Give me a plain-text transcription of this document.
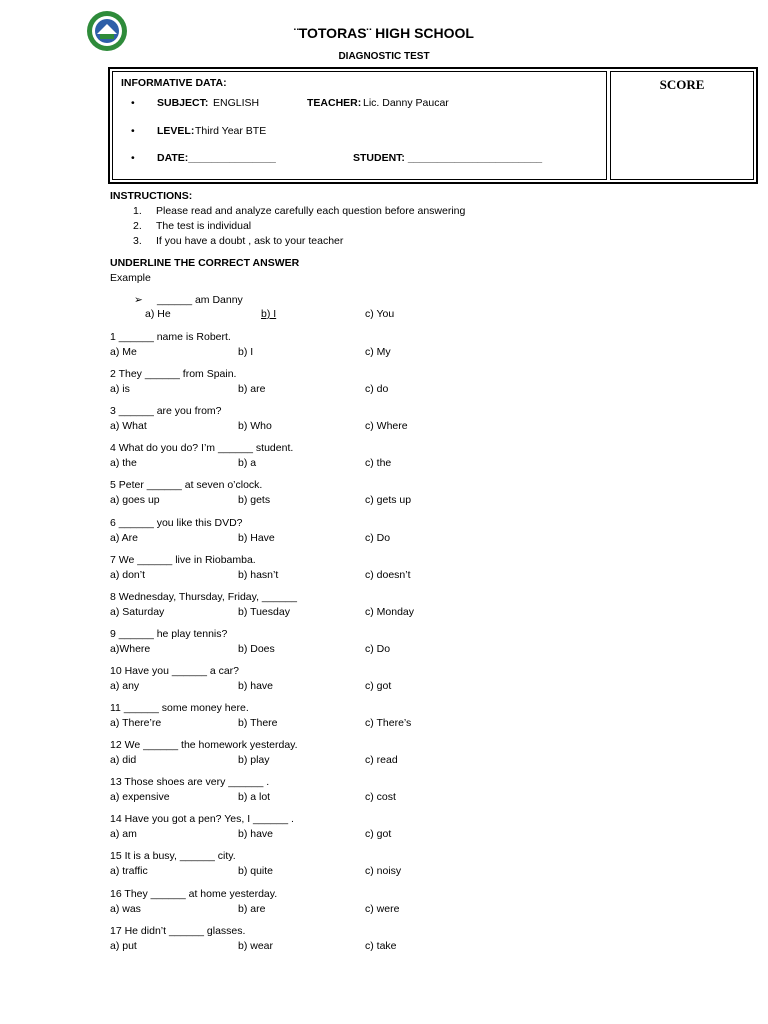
¨TOTORAS¨ HIGH SCHOOL
DIAGNOSTIC TEST
SCORE
INFORMATIVE DATA:
• SUBJECT: ENGLISH	TEACHER: Lic. Danny Paucar
• LEVEL: Third Year BTE
• DATE:_______________	STUDENT: _______________________
INSTRUCTIONS:
1. Please read and analyze carefully each question before answering
2. The test is individual
3. If you have a doubt , ask to your teacher
UNDERLINE THE CORRECT ANSWER
Example
➢ ______ am Danny
a) He	b) I	c) You
1 ______ name is Robert.
a) Me	b) I	c) My
2 They ______ from Spain.
a) is	b) are	c) do
3 ______ are you from?
a) What	b) Who	c) Where
4 What do you do? I’m ______ student.
a) the	b) a	c) the
5 Peter ______ at seven o’clock.
a) goes up	b) gets	c) gets up
6 ______ you like this DVD?
a) Are	b) Have	c) Do
7 We ______ live in Riobamba.
a) don’t	b) hasn’t	c) doesn’t
8 Wednesday, Thursday, Friday, ______
a) Saturday	b) Tuesday	c) Monday
9 ______ he play tennis?
a)Where	b) Does	c) Do
10 Have you ______ a car?
a) any	b) have	c) got
11 ______ some money here.
a) There’re	b) There	c) There’s
12 We ______ the homework yesterday.
a) did	b) play	c) read
13 Those shoes are very ______ .
a) expensive	b) a lot	c) cost
14 Have you got a pen? Yes, I ______ .
a) am	b) have	c) got
15 It is a busy, ______ city.
a) traffic	b) quite	c) noisy
16 They ______ at home yesterday.
a) was	b) are	c) were
17 He didn’t ______ glasses.
a) put	b) wear	c) take
